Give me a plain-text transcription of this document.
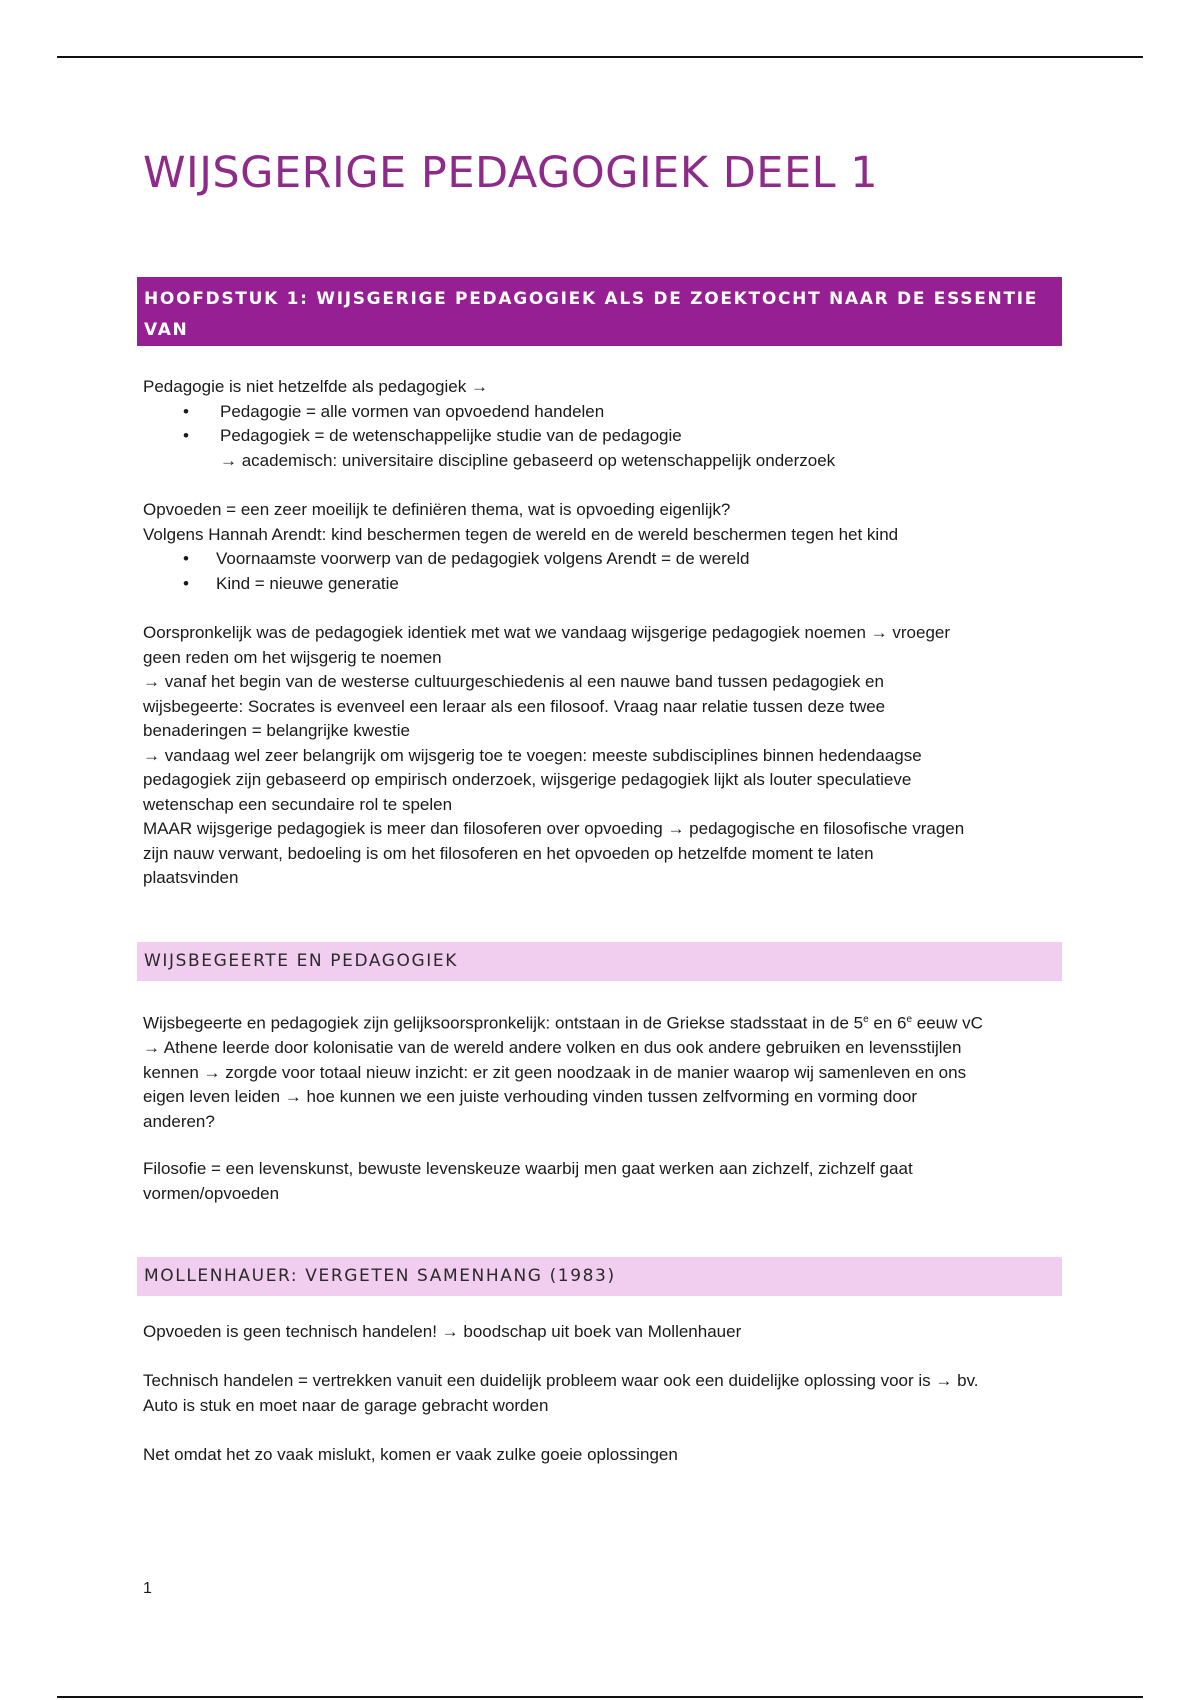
WIJSGERIGE PEDAGOGIEK DEEL 1
HOOFDSTUK 1: WIJSGERIGE PEDAGOGIEK ALS DE ZOEKTOCHT NAAR DE ESSENTIE VAN
OPVOEDING

Pedagogie is niet hetzelfde als pedagogiek →

• Pedagogie = alle vormen van opvoedend handelen

• Pedagogiek = de wetenschappelijke studie van de pedagogie

→ academisch: universitaire discipline gebaseerd op wetenschappelijk onderzoek

Opvoeden = een zeer moeilijk te definiëren thema, wat is opvoeding eigenlijk?

Volgens Hannah Arendt: kind beschermen tegen de wereld en de wereld beschermen tegen het kind

• Voornaamste voorwerp van de pedagogiek volgens Arendt = de wereld

• Kind = nieuwe generatie

Oorspronkelijk was de pedagogiek identiek met wat we vandaag wijsgerige pedagogiek noemen → vroeger

geen reden om het wijsgerig te noemen

→ vanaf het begin van de westerse cultuurgeschiedenis al een nauwe band tussen pedagogiek en

wijsbegeerte: Socrates is evenveel een leraar als een filosoof. Vraag naar relatie tussen deze twee

benaderingen = belangrijke kwestie

→ vandaag wel zeer belangrijk om wijsgerig toe te voegen: meeste subdisciplines binnen hedendaagse

pedagogiek zijn gebaseerd op empirisch onderzoek, wijsgerige pedagogiek lijkt als louter speculatieve

wetenschap een secundaire rol te spelen

MAAR wijsgerige pedagogiek is meer dan filosoferen over opvoeding → pedagogische en filosofische vragen

zijn nauw verwant, bedoeling is om het filosoferen en het opvoeden op hetzelfde moment te laten

plaatsvinden

WIJSBEGEERTE EN PEDAGOGIEK

Wijsbegeerte en pedagogiek zijn gelijksoorspronkelijk: ontstaan in de Griekse stadsstaat in de 5e en 6e eeuw vC

→ Athene leerde door kolonisatie van de wereld andere volken en dus ook andere gebruiken en levensstijlen

kennen → zorgde voor totaal nieuw inzicht: er zit geen noodzaak in de manier waarop wij samenleven en ons

eigen leven leiden → hoe kunnen we een juiste verhouding vinden tussen zelfvorming en vorming door

anderen?

Filosofie = een levenskunst, bewuste levenskeuze waarbij men gaat werken aan zichzelf, zichzelf gaat

vormen/opvoeden

MOLLENHAUER: VERGETEN SAMENHANG (1983)

Opvoeden is geen technisch handelen! → boodschap uit boek van Mollenhauer

Technisch handelen = vertrekken vanuit een duidelijk probleem waar ook een duidelijke oplossing voor is → bv.

Auto is stuk en moet naar de garage gebracht worden

Net omdat het zo vaak mislukt, komen er vaak zulke goeie oplossingen

1
